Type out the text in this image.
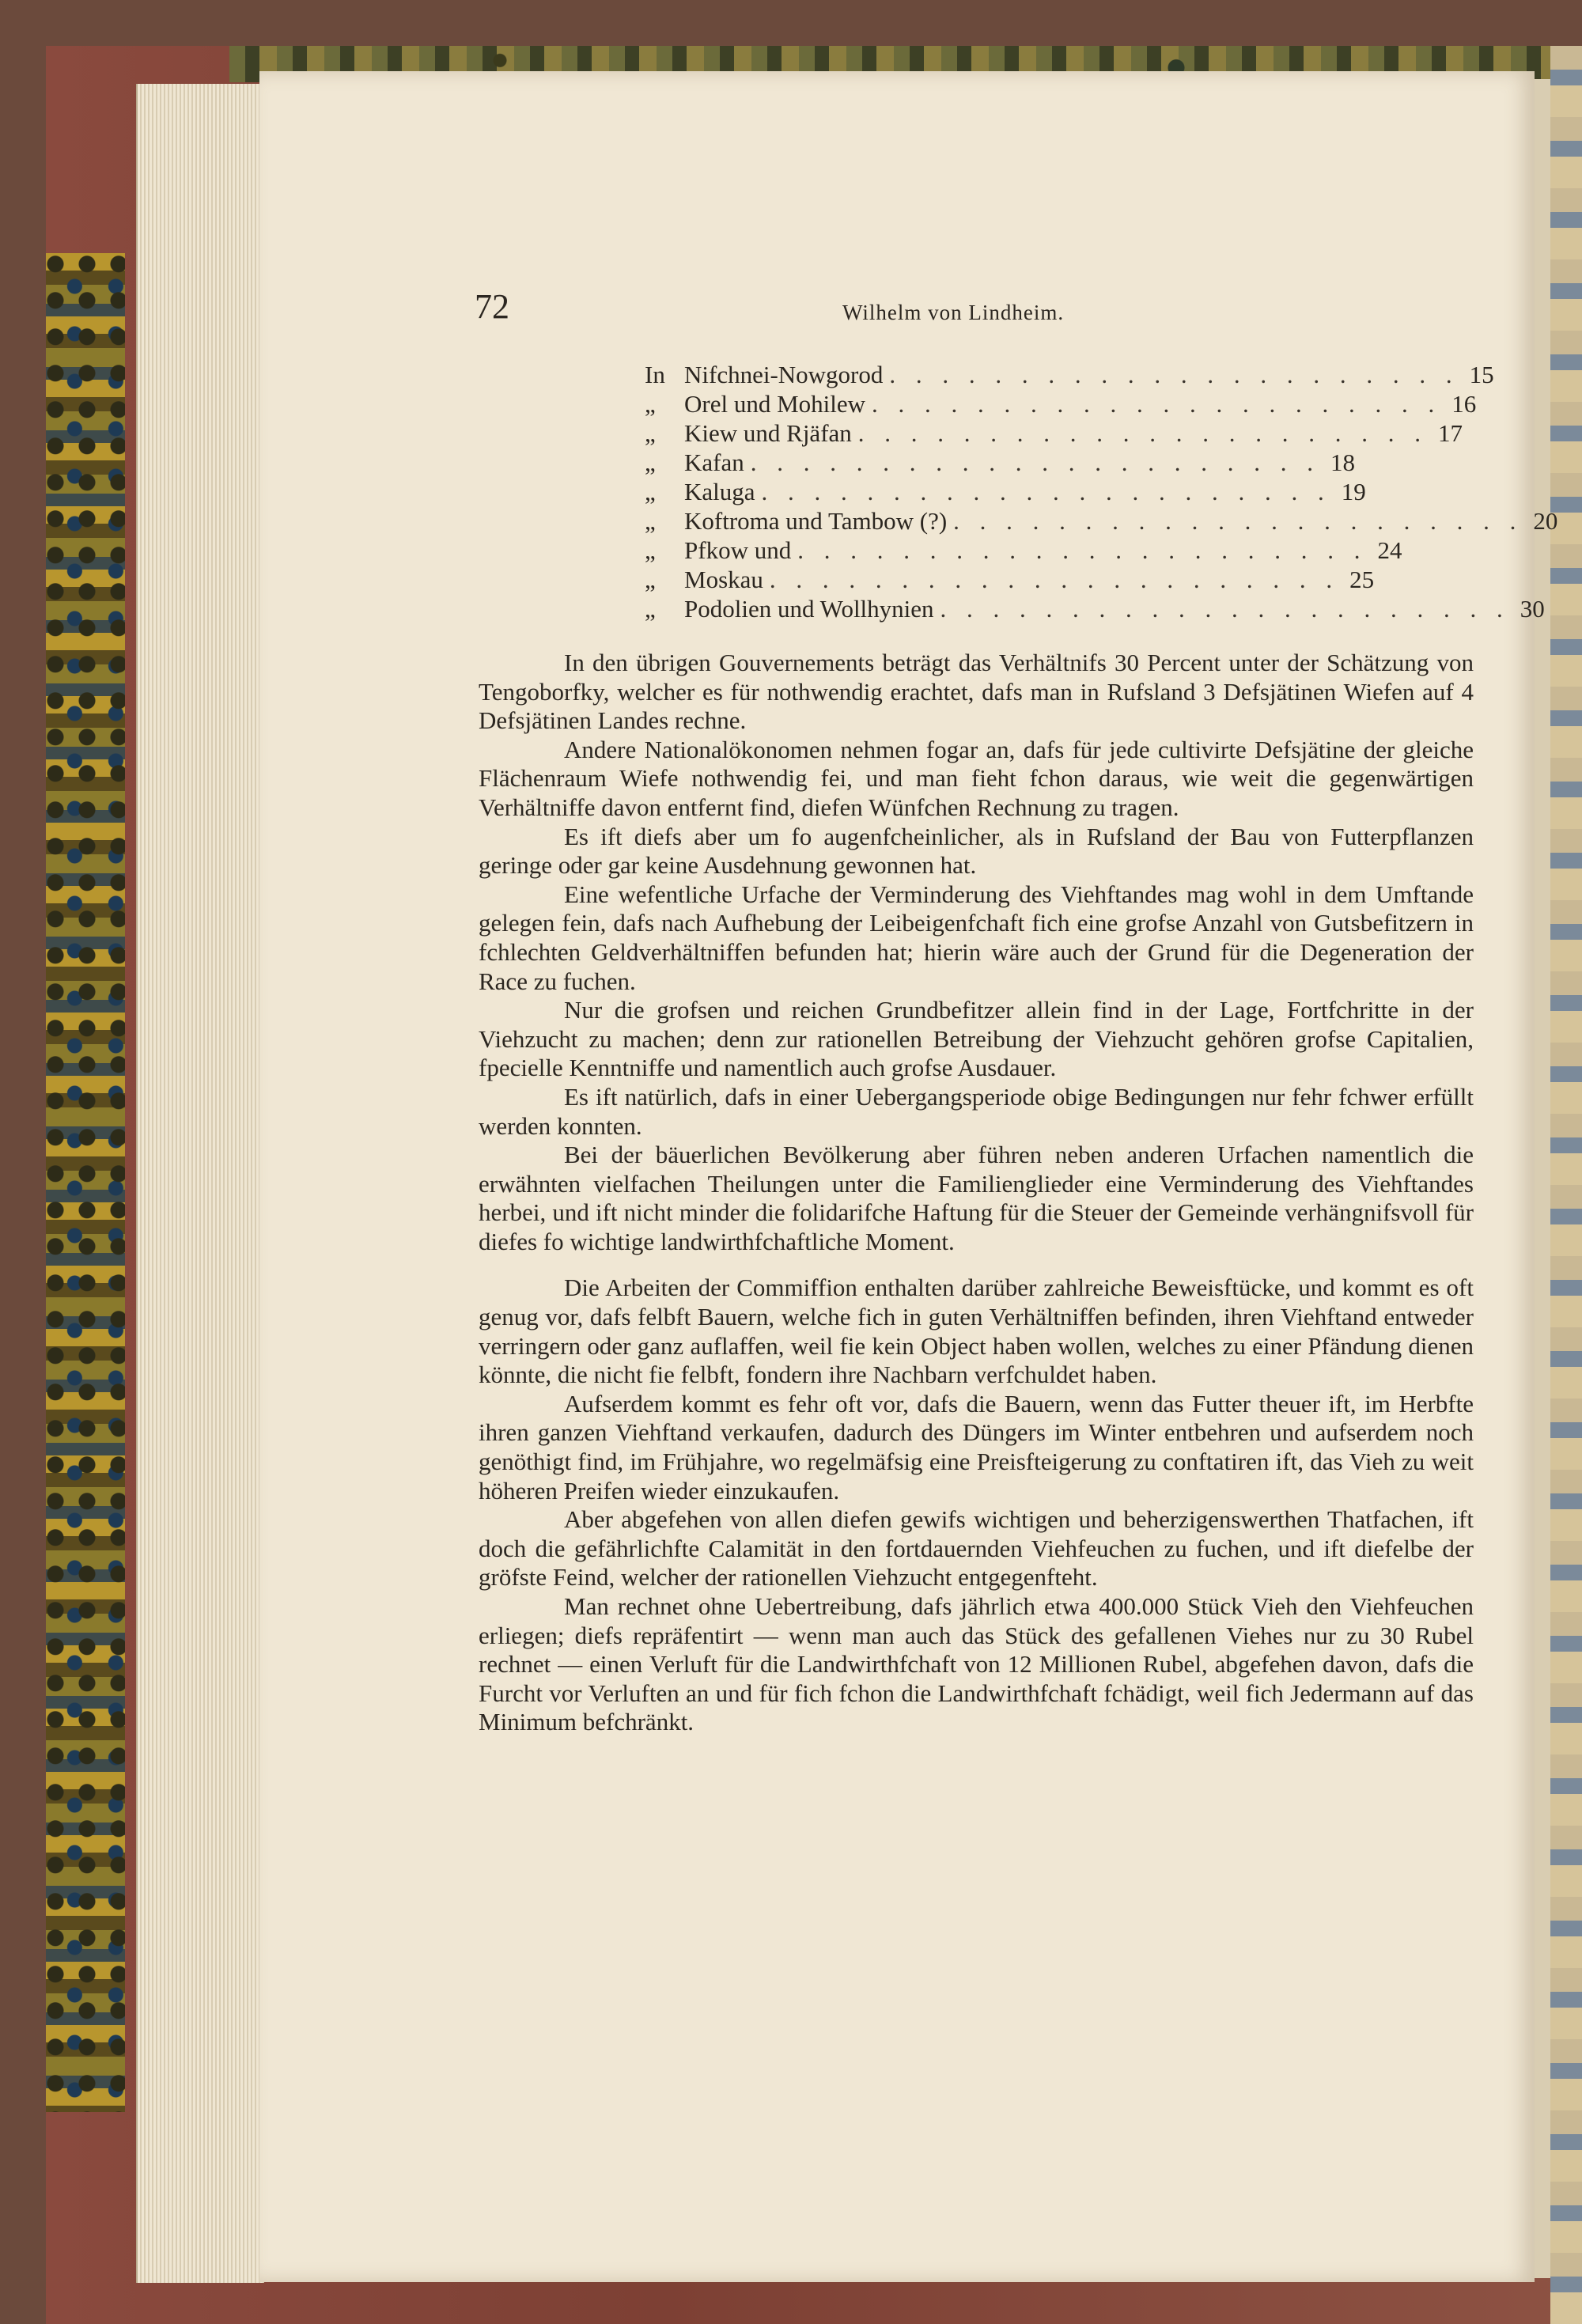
72	Wilhelm von Lindheim.
In Nifchnei-Nowgorod . . . . . . . . . . . . . . . . . . . . . . 15
„	Orel und Mohilew . . . . . . . . . . . . . . . . . . . . . . 16
„	Kiew und Rjäfan . . . . . . . . . . . . . . . . . . . . . . 17
„	Kafan . . . . . . . . . . . . . . . . . . . . . . 18
„	Kaluga . . . . . . . . . . . . . . . . . . . . . . 19
„	Koftroma und Tambow (?) . . . . . . . . . . . . . . . . . . . . . . 20
„	Pfkow und . . . . . . . . . . . . . . . . . . . . . . 24
„	Moskau . . . . . . . . . . . . . . . . . . . . . . 25
„	Podolien und Wollhynien . . . . . . . . . . . . . . . . . . . . . . 30

In den übrigen Gouvernements beträgt das Verhältnifs 30 Percent unter der Schätzung von Tengoborfky, welcher es für nothwendig erachtet, dafs man in Rufsland 3 Defsjätinen Wiefen auf 4 Defsjätinen Landes rechne.

Andere Nationalökonomen nehmen fogar an, dafs für jede cultivirte Defsjätine der gleiche Flächenraum Wiefe nothwendig fei, und man fieht fchon daraus, wie weit die gegenwärtigen Verhältniffe davon entfernt find, diefen Wünfchen Rechnung zu tragen.

Es ift diefs aber um fo augenfcheinlicher, als in Rufsland der Bau von Futterpflanzen geringe oder gar keine Ausdehnung gewonnen hat.

Eine wefentliche Urfache der Verminderung des Viehftandes mag wohl in dem Umftande gelegen fein, dafs nach Aufhebung der Leibeigenfchaft fich eine grofse Anzahl von Gutsbefitzern in fchlechten Geldverhältniffen befunden hat; hierin wäre auch der Grund für die Degeneration der Race zu fuchen.

Nur die grofsen und reichen Grundbefitzer allein find in der Lage, Fortfchritte in der Viehzucht zu machen; denn zur rationellen Betreibung der Viehzucht gehören grofse Capitalien, fpecielle Kenntniffe und namentlich auch grofse Ausdauer.

Es ift natürlich, dafs in einer Uebergangsperiode obige Bedingungen nur fehr fchwer erfüllt werden konnten.

Bei der bäuerlichen Bevölkerung aber führen neben anderen Urfachen namentlich die erwähnten vielfachen Theilungen unter die Familienglieder eine Verminderung des Viehftandes herbei, und ift nicht minder die folidarifche Haftung für die Steuer der Gemeinde verhängnifsvoll für diefes fo wichtige landwirthfchaftliche Moment.

Die Arbeiten der Commiffion enthalten darüber zahlreiche Beweisftücke, und kommt es oft genug vor, dafs felbft Bauern, welche fich in guten Verhältniffen befinden, ihren Viehftand entweder verringern oder ganz auflaffen, weil fie kein Object haben wollen, welches zu einer Pfändung dienen könnte, die nicht fie felbft, fondern ihre Nachbarn verfchuldet haben.

Aufserdem kommt es fehr oft vor, dafs die Bauern, wenn das Futter theuer ift, im Herbfte ihren ganzen Viehftand verkaufen, dadurch des Düngers im Winter entbehren und aufserdem noch genöthigt find, im Frühjahre, wo regelmäfsig eine Preisfteigerung zu conftatiren ift, das Vieh zu weit höheren Preifen wieder einzukaufen.

Aber abgefehen von allen diefen gewifs wichtigen und beherzigenswerthen Thatfachen, ift doch die gefährlichfte Calamität in den fortdauernden Viehfeuchen zu fuchen, und ift diefelbe der gröfste Feind, welcher der rationellen Viehzucht entgegenfteht.

Man rechnet ohne Uebertreibung, dafs jährlich etwa 400.000 Stück Vieh den Viehfeuchen erliegen; diefs repräfentirt — wenn man auch das Stück des gefallenen Viehes nur zu 30 Rubel rechnet — einen Verluft für die Landwirthfchaft von 12 Millionen Rubel, abgefehen davon, dafs die Furcht vor Verluften an und für fich fchon die Landwirthfchaft fchädigt, weil fich Jedermann auf das Minimum befchränkt.
